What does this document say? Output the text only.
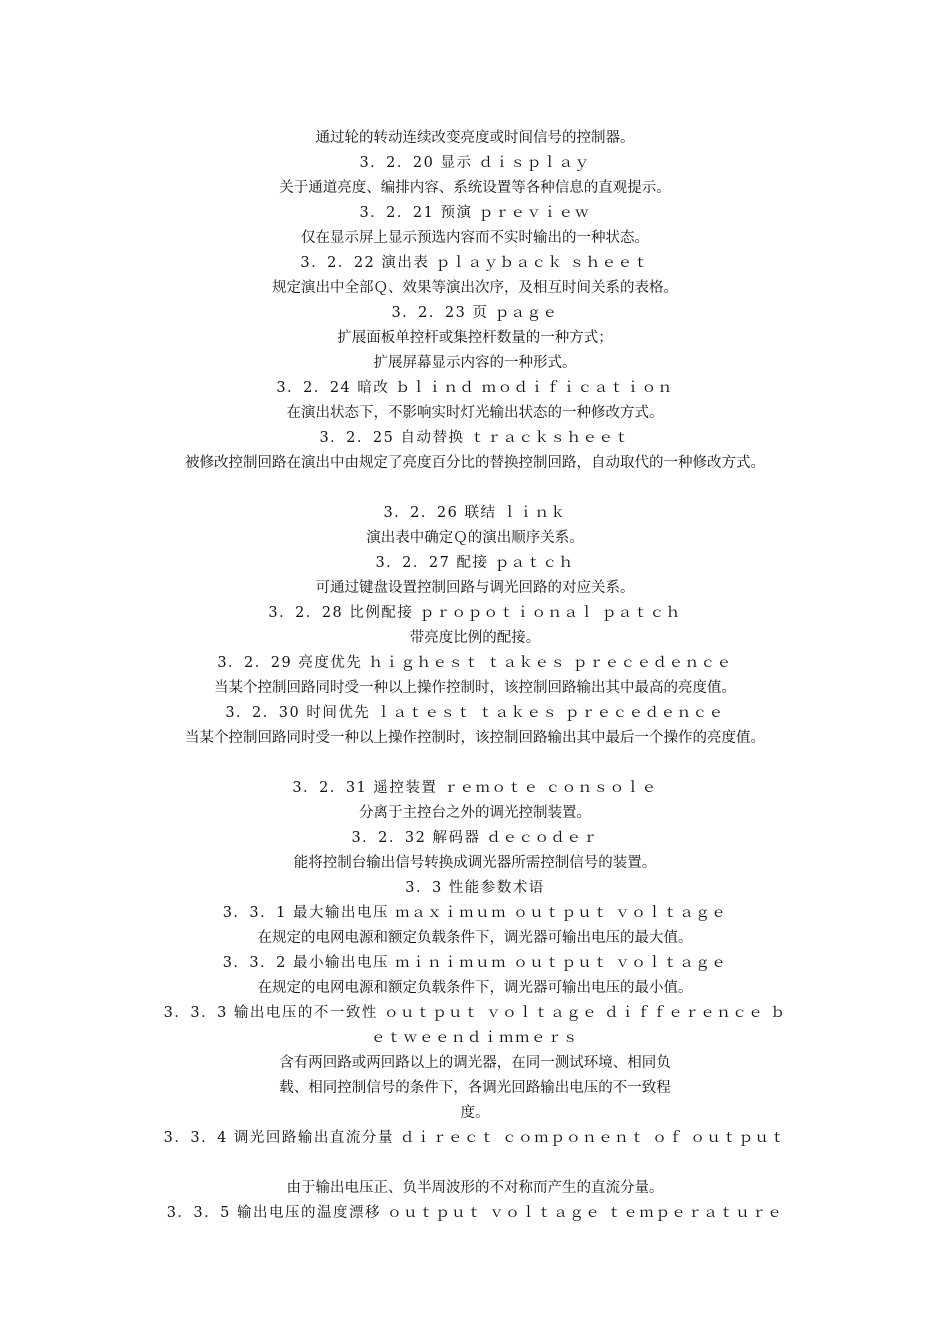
通过轮的转动连续改变亮度或时间信号的控制器。
3．2．20 显示 ｄｉｓｐｌａｙ
关于通道亮度、编排内容、系统设置等各种信息的直观提示。
3．2．21 预演 ｐｒｅｖｉｅｗ
仅在显示屏上显示预选内容而不实时输出的一种状态。
3．2．22 演出表 ｐｌａｙｂａｃｋ ｓｈｅｅｔ
规定演出中全部Ｑ、效果等演出次序，及相互时间关系的表格。
3．2．23 页 ｐａｇｅ
扩展面板单控杆或集控杆数量的一种方式；
扩展屏幕显示内容的一种形式。
3．2．24 暗改 ｂｌｉｎｄ ｍｏｄｉｆｉｃａｔｉｏｎ
在演出状态下，不影响实时灯光输出状态的一种修改方式。
3．2．25 自动替换 ｔｒａｃｋｓｈｅｅｔ
被修改控制回路在演出中由规定了亮度百分比的替换控制回路，自动取代的一种修改方式。
3．2．26 联结 ｌｉｎｋ
演出表中确定Ｑ的演出顺序关系。
3．2．27 配接 ｐａｔｃｈ
可通过键盘设置控制回路与调光回路的对应关系。
3．2．28 比例配接 ｐｒｏｐｏｔｉｏｎａｌ ｐａｔｃｈ
带亮度比例的配接。
3．2．29 亮度优先 ｈｉｇｈｅｓｔ ｔａｋｅｓ ｐｒｅｃｅｄｅｎｃｅ
当某个控制回路同时受一种以上操作控制时，该控制回路输出其中最高的亮度值。
3．2．30 时间优先 ｌａｔｅｓｔ ｔａｋｅｓ ｐｒｅｃｅｄｅｎｃｅ
当某个控制回路同时受一种以上操作控制时，该控制回路输出其中最后一个操作的亮度值。
3．2．31 遥控装置 ｒｅｍｏｔｅ ｃｏｎｓｏｌｅ
分离于主控台之外的调光控制装置。
3．2．32 解码器 ｄｅｃｏｄｅｒ
能将控制台输出信号转换成调光器所需控制信号的装置。
3．3 性能参数术语
3．3．1 最大输出电压 ｍａｘｉｍｕｍ ｏｕｔｐｕｔ ｖｏｌｔａｇｅ
在规定的电网电源和额定负载条件下，调光器可输出电压的最大值。
3．3．2 最小输出电压 ｍｉｎｉｍｕｍ ｏｕｔｐｕｔ ｖｏｌｔａｇｅ
在规定的电网电源和额定负载条件下，调光器可输出电压的最小值。
3．3．3 输出电压的不一致性 ｏｕｔｐｕｔ ｖｏｌｔａｇｅ ｄｉｆｆｅｒｅｎｃｅ ｂ
ｅｔｗｅｅｎｄｉｍｍｅｒｓ
含有两回路或两回路以上的调光器，在同一测试环境、相同负
载、相同控制信号的条件下，各调光回路输出电压的不一致程
度。
3．3．4 调光回路输出直流分量 ｄｉｒｅｃｔ ｃｏｍｐｏｎｅｎｔ ｏｆ ｏｕｔｐｕｔ
由于输出电压正、负半周波形的不对称而产生的直流分量。
3．3．5 输出电压的温度漂移 ｏｕｔｐｕｔ ｖｏｌｔａｇｅ ｔｅｍｐｅｒａｔｕｒｅ
